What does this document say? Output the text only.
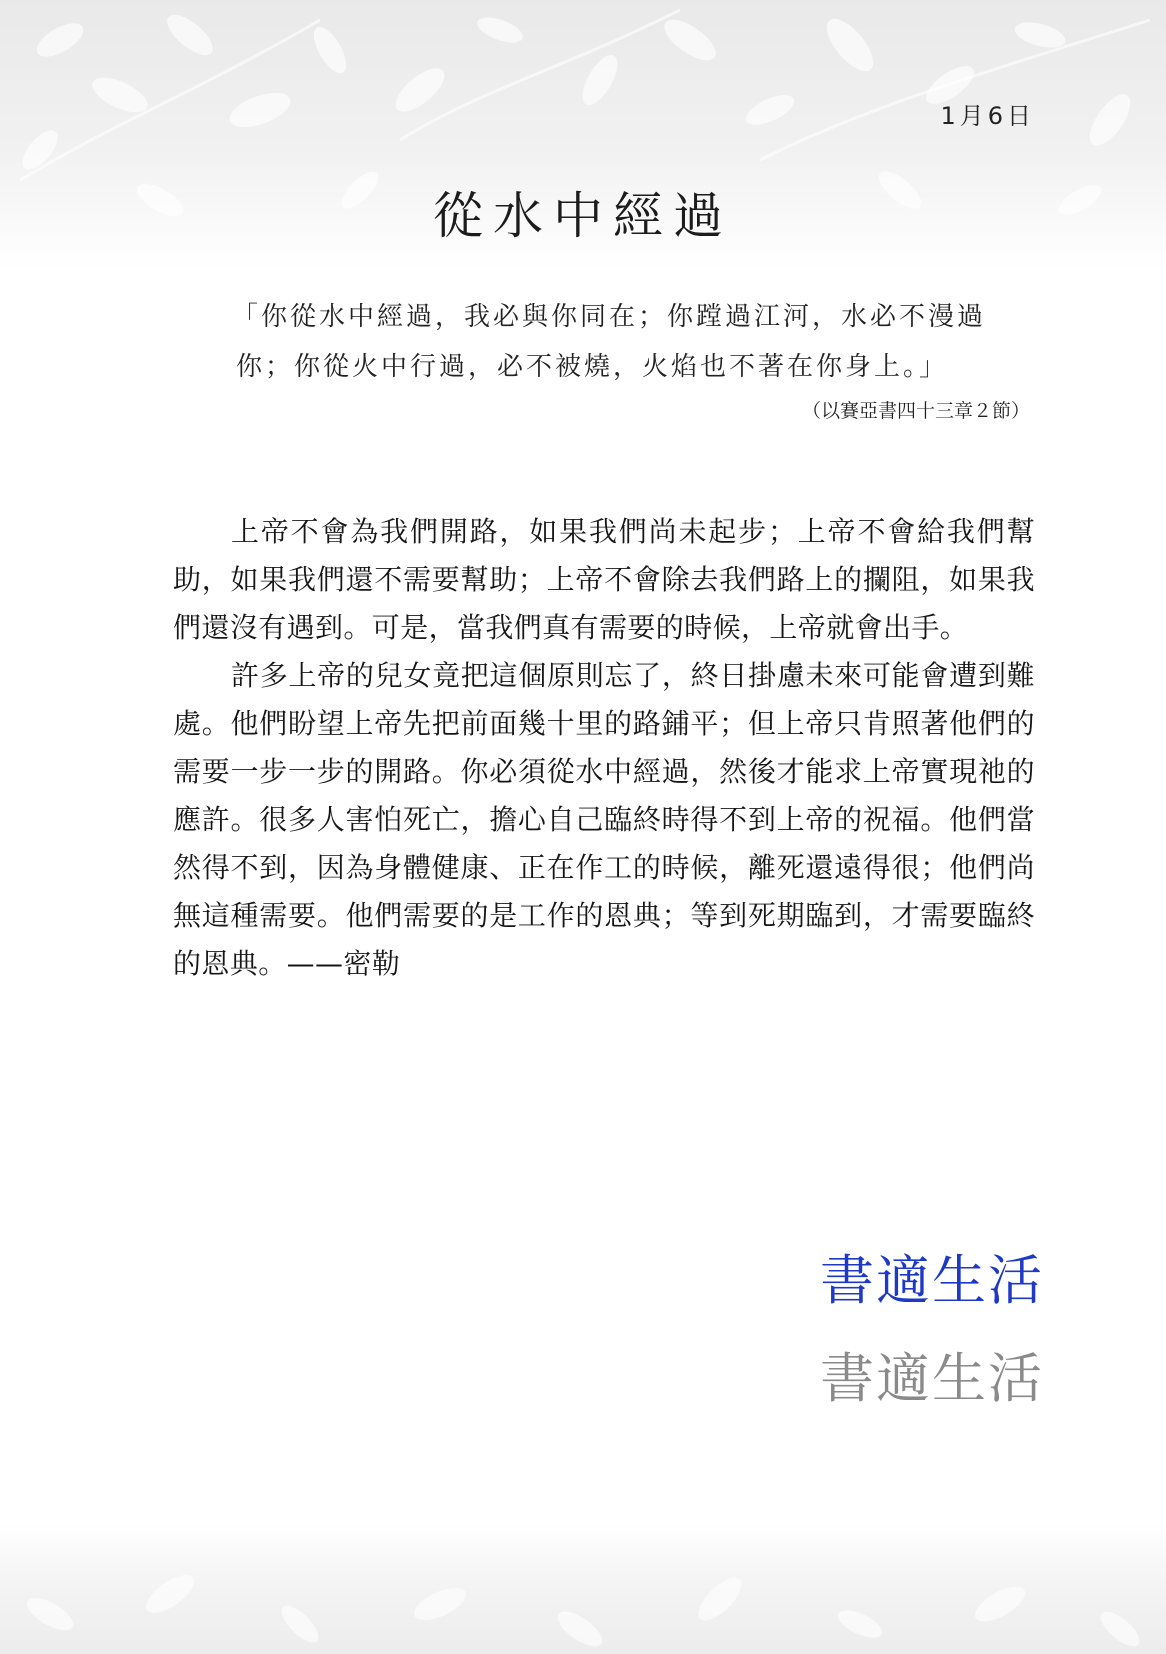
1月6日
從水中經過
「你從水中經過，我必與你同在；你蹚過江河，水必不漫過
你；你從火中行過，必不被燒，火焰也不著在你身上。」
（以賽亞書四十三章２節）

上帝不會為我們開路，如果我們尚未起步；上帝不會給我們幫助，如果我們還不需要幫助；上帝不會除去我們路上的攔阻，如果我們還沒有遇到。可是，當我們真有需要的時候，上帝就會出手。

許多上帝的兒女竟把這個原則忘了，終日掛慮未來可能會遭到難處。他們盼望上帝先把前面幾十里的路鋪平；但上帝只肯照著他們的需要一步一步的開路。你必須從水中經過，然後才能求上帝實現祂的應許。很多人害怕死亡，擔心自己臨終時得不到上帝的祝福。他們當然得不到，因為身體健康、正在作工的時候，離死還遠得很；他們尚無這種需要。他們需要的是工作的恩典；等到死期臨到，才需要臨終的恩典。——密勒

書適生活
書適生活
